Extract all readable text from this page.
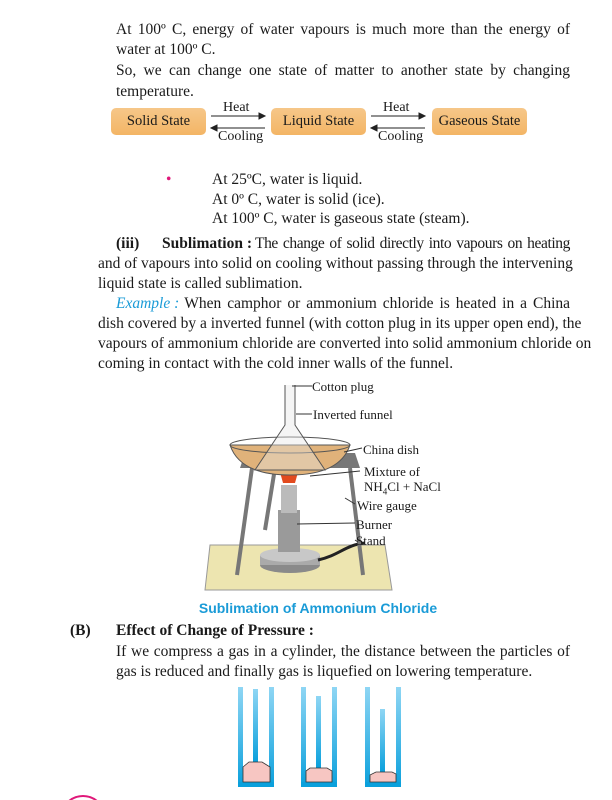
At 100º C, energy of water vapours is much more than the energy of
water at 100º C.
So, we can change one state of matter to another state by changing
temperature.
Solid State	Liquid State	Gaseous State
Heat
Cooling
Heat
Cooling
•	At 25ºC, water is liquid.
At 0º C, water is solid (ice).
At 100º C, water is gaseous state (steam).
(iii)	Sublimation : The change of solid directly into vapours on heating
and of vapours into solid on cooling without passing through the intervening
liquid state is called sublimation.
Example : When camphor or ammonium chloride is heated in a China
dish covered by a inverted funnel (with cotton plug in its upper open end), the
vapours of ammonium chloride are converted into solid ammonium chloride on
coming in contact with the cold inner walls of the funnel.
Cotton plug
Inverted funnel
China dish
Mixture of
$NH_4Cl$ + NaCl
Wire gauge
Burner
Stand
Sublimation of Ammonium Chloride
(B) Effect of Change of Pressure :
If we compress a gas in a cylinder, the distance between the particles of
gas is reduced and finally gas is liquefied on lowering temperature.
